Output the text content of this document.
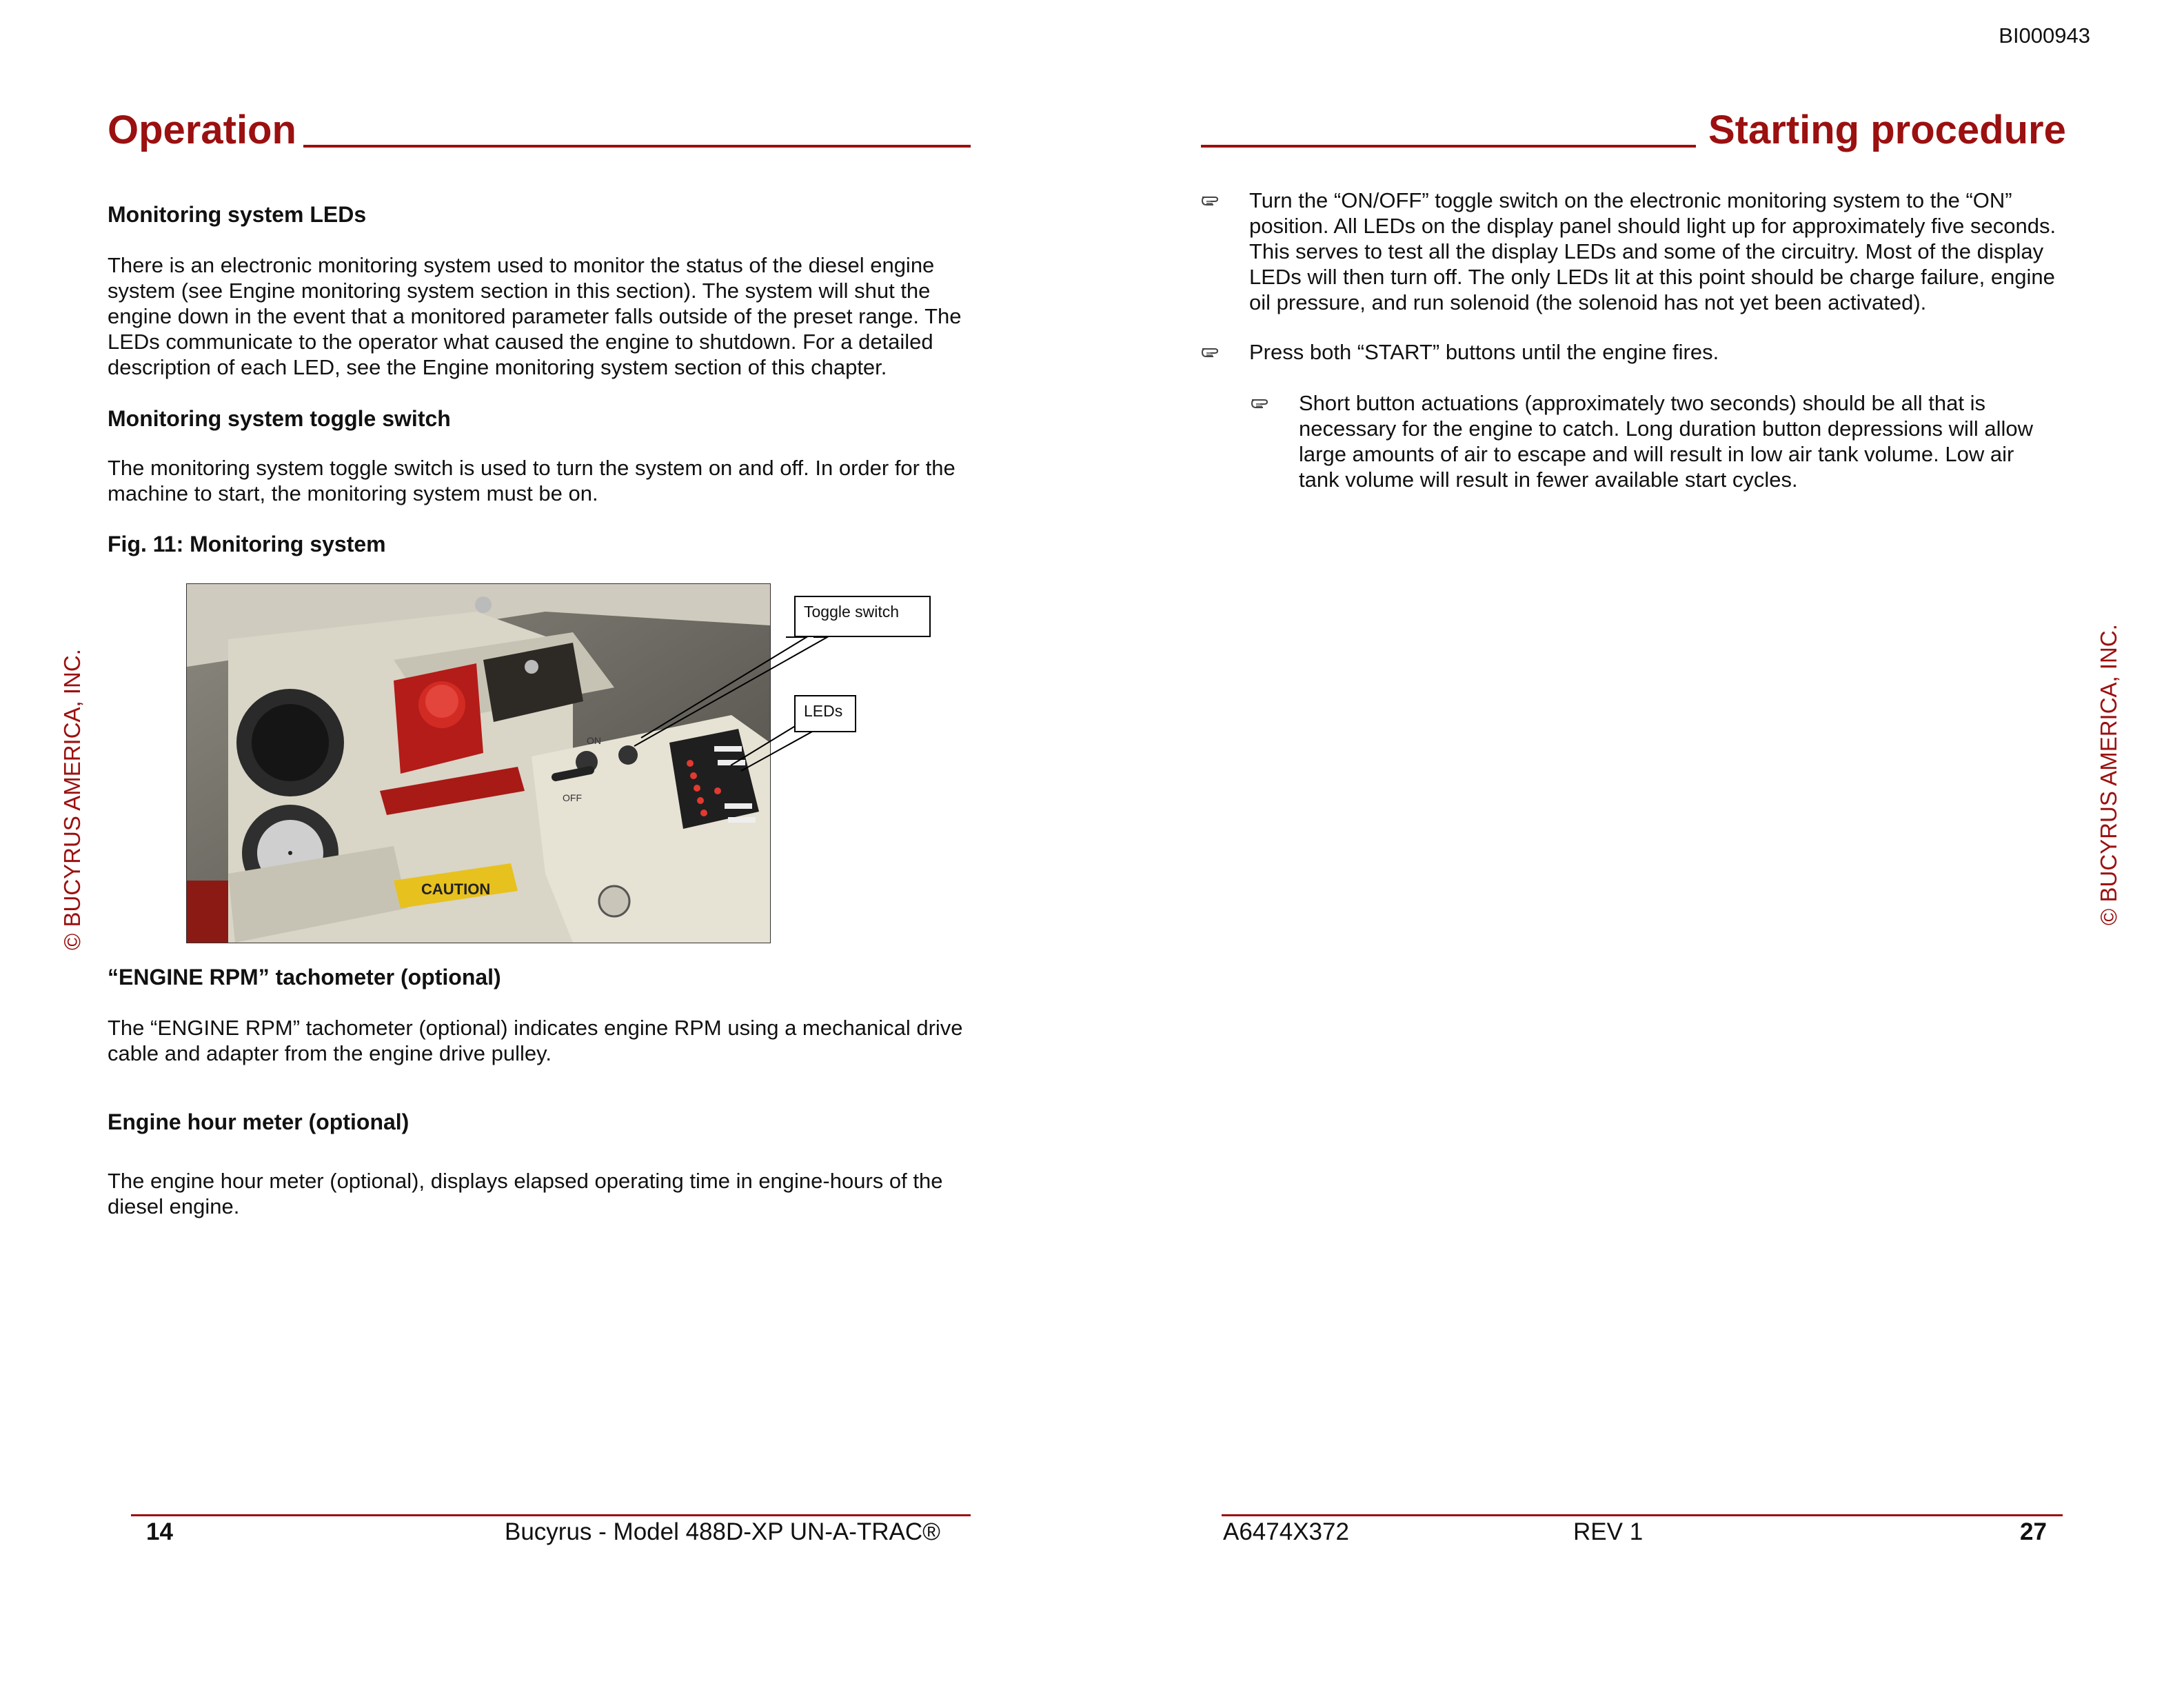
BI000943
© BUCYRUS AMERICA, INC.
Operation
Monitoring system LEDs
There is an electronic monitoring system used to monitor the status of the diesel engine system (see Engine monitoring system section in this section). The system will shut the engine down in the event that a monitored parameter falls outside of the preset range. The LEDs communicate to the operator what caused the engine to shutdown. For a detailed description of each LED, see the Engine monitoring system section of this chapter.
Monitoring system toggle switch
The monitoring system toggle switch is used to turn the system on and off. In order for the machine to start, the monitoring system must be on.
Fig. 11: Monitoring system
ON
OFF
CAUTION
Toggle switch
LEDs
“ENGINE RPM” tachometer (optional)
The “ENGINE RPM” tachometer (optional) indicates engine RPM using a mechanical drive cable and adapter from the engine drive pulley.
Engine hour meter (optional)
The engine hour meter (optional), displays elapsed operating time in engine-hours of the diesel engine.
14	Bucyrus - Model 488D-XP UN-A-TRAC®
Starting procedure
© BUCYRUS AMERICA, INC.
Turn the “ON/OFF” toggle switch on the electronic monitoring system to the “ON” position. All LEDs on the display panel should light up for approximately five seconds. This serves to test all the display LEDs and some of the circuitry. Most of the display LEDs will then turn off. The only LEDs lit at this point should be charge failure, engine oil pressure, and run solenoid (the solenoid has not yet been activated).
Press both “START” buttons until the engine fires.
Short button actuations (approximately two seconds) should be all that is necessary for the engine to catch. Long duration button depressions will allow large amounts of air to escape and will result in low air tank volume. Low air tank volume will result in fewer available start cycles.
A6474X372	REV 1	27
